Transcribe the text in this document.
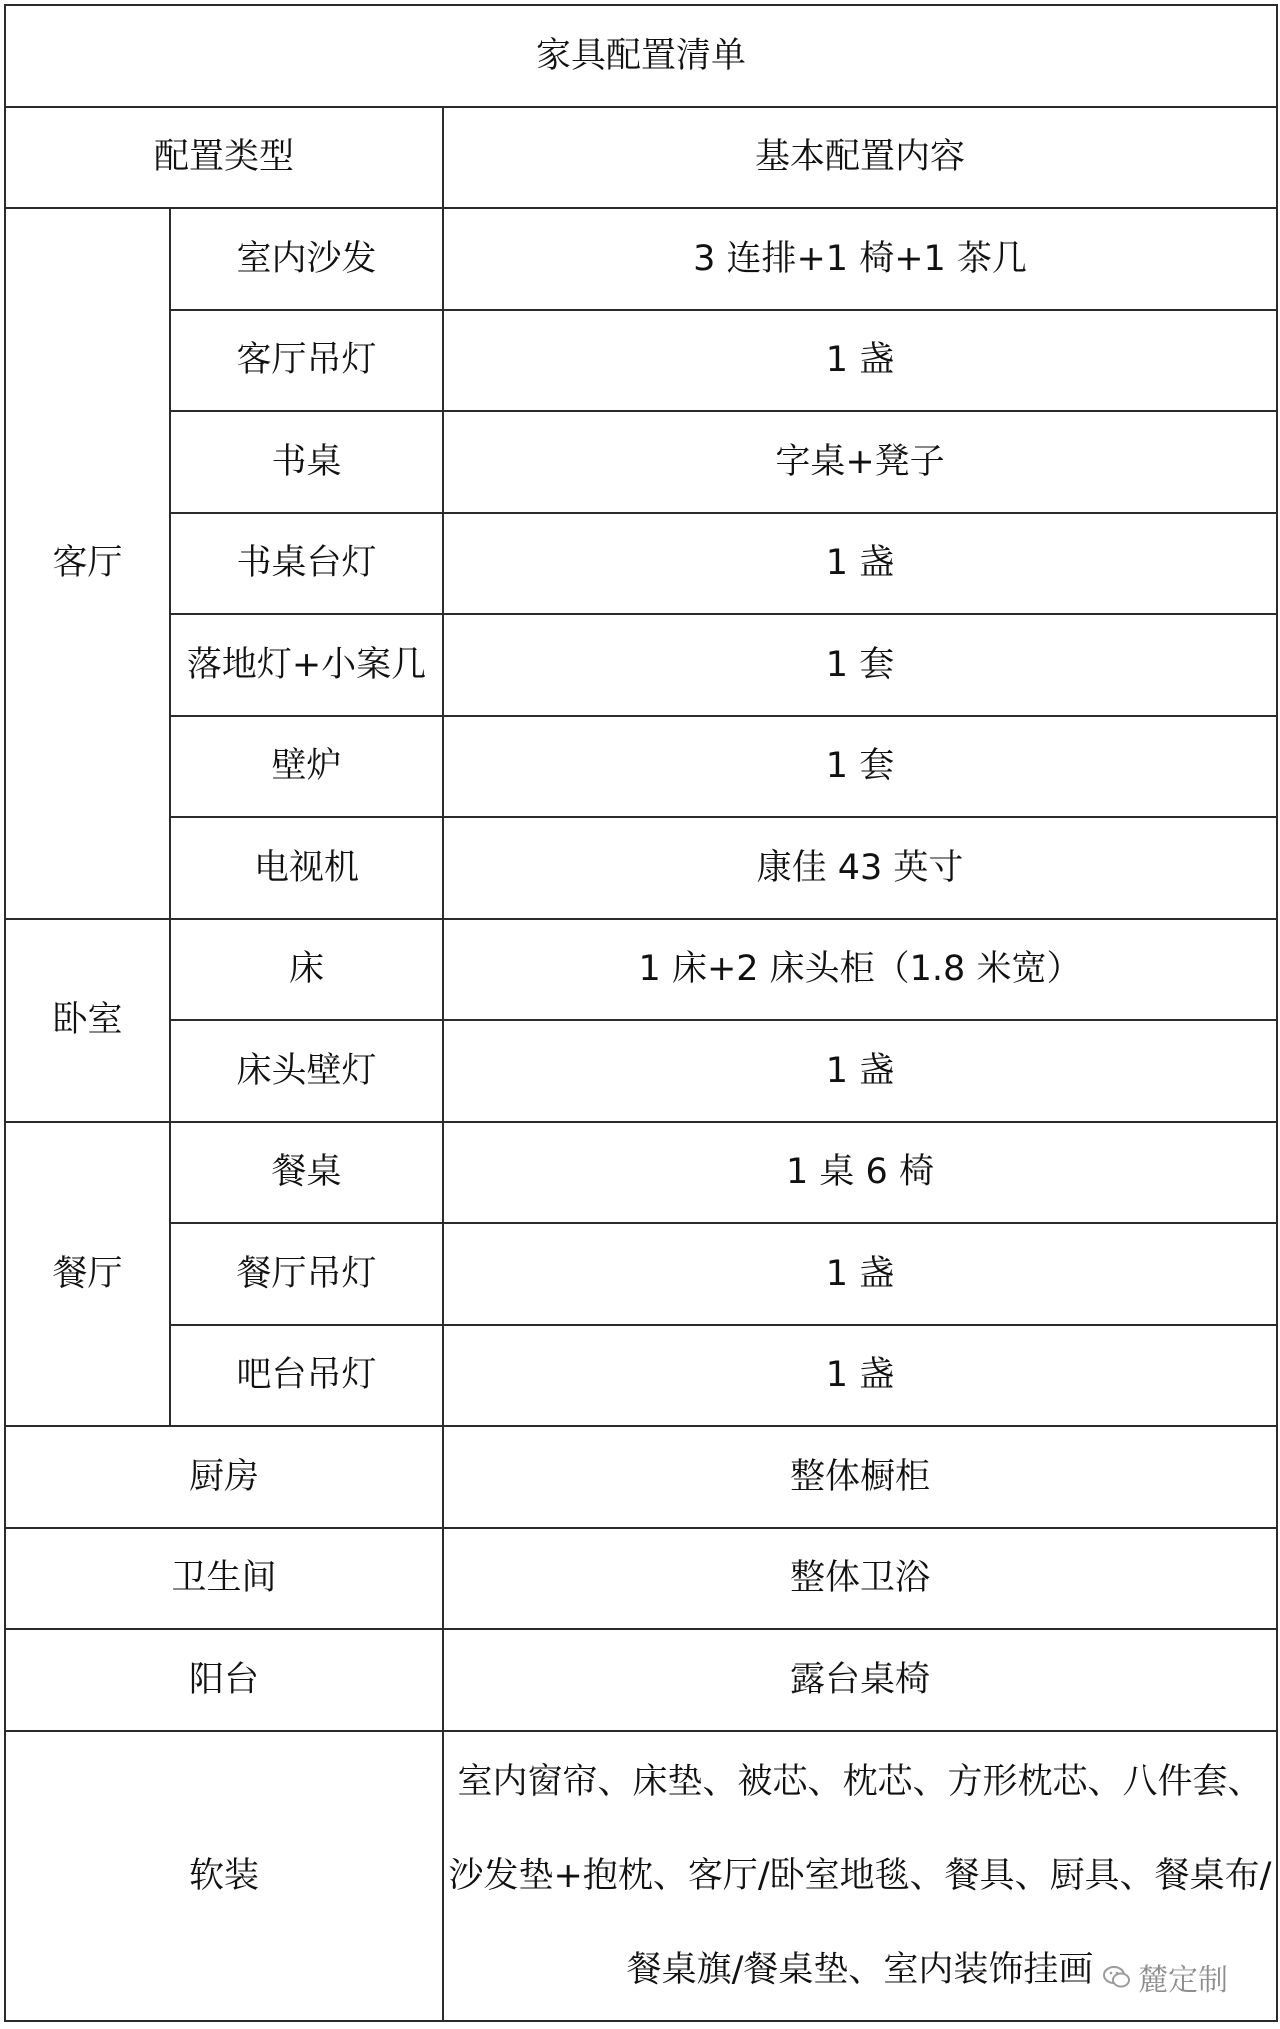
家具配置清单		
配置类型		基本配置内容
客厅	室内沙发	3 连排+1 椅+1 茶几
	客厅吊灯	1 盏
	书桌	字桌+凳子
	书桌台灯	1 盏
	落地灯+小案几	1 套
	壁炉	1 套
	电视机	康佳 43 英寸
卧室	床	1 床+2 床头柜（1.8 米宽）
	床头壁灯	1 盏
餐厅	餐桌	1 桌 6 椅
	餐厅吊灯	1 盏
	吧台吊灯	1 盏
厨房		整体橱柜
卫生间		整体卫浴
阳台		露台桌椅
软装		室内窗帘、床垫、被芯、枕芯、方形枕芯、八件套、沙发垫+抱枕、客厅/卧室地毯、餐具、厨具、餐桌布/餐桌旗/餐桌垫、室内装饰挂画 麓定制
